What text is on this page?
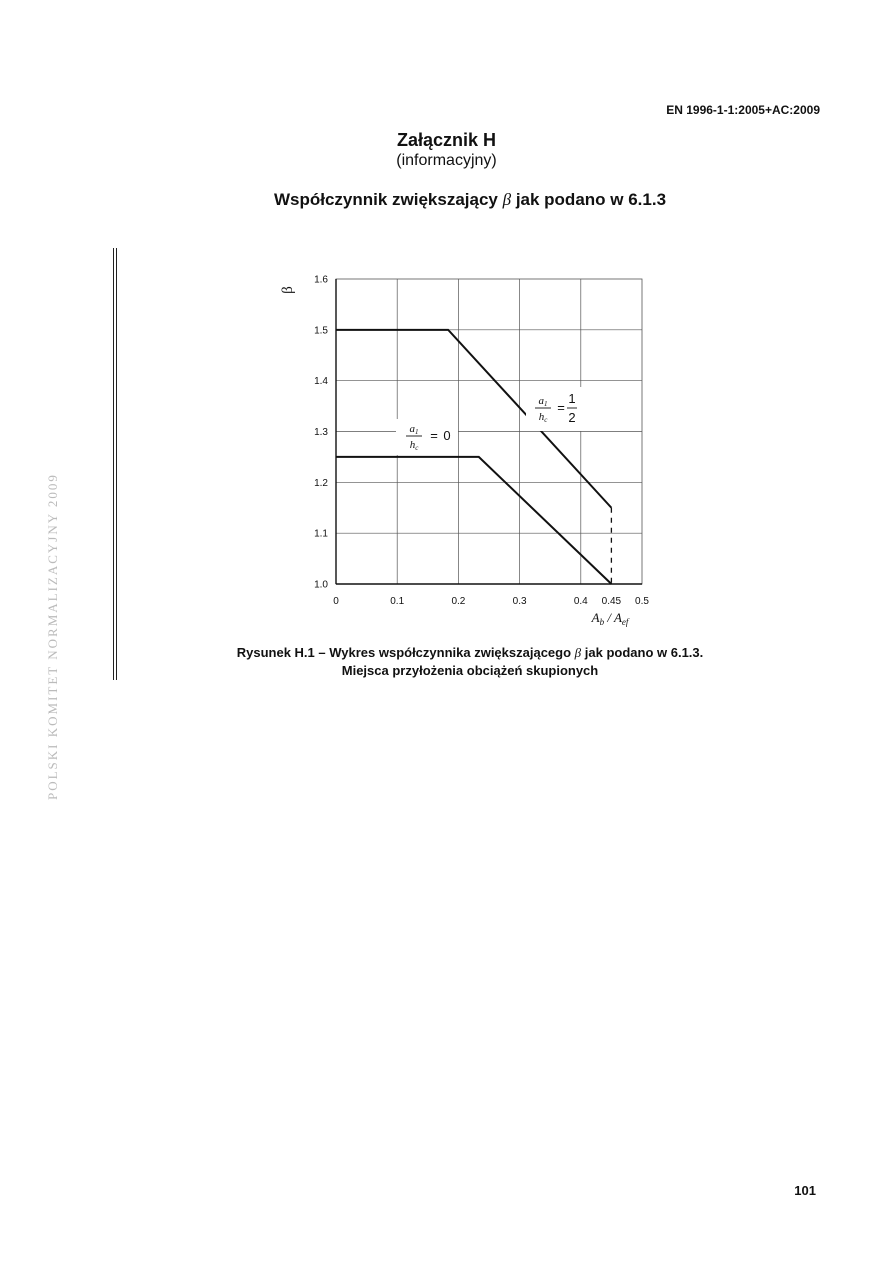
EN 1996-1-1:2005+AC:2009
Załącznik H
(informacyjny)
Współczynnik zwiększający β jak podano w 6.1.3
POLSKI KOMITET NORMALIZACYJNY 2009	1.0
1.1
1.2
1.3
1.4
1.5
1.6
0	0.1	0.2	0.3	0.4 0.45 0.5
β
$A_b / A_{ef}$
a1
hc
=
1
2
a1
hc
= 0
Rysunek H.1 – Wykres współczynnika zwiększającego β jak podano w 6.1.3.
Miejsca przyłożenia obciążeń skupionych
101
